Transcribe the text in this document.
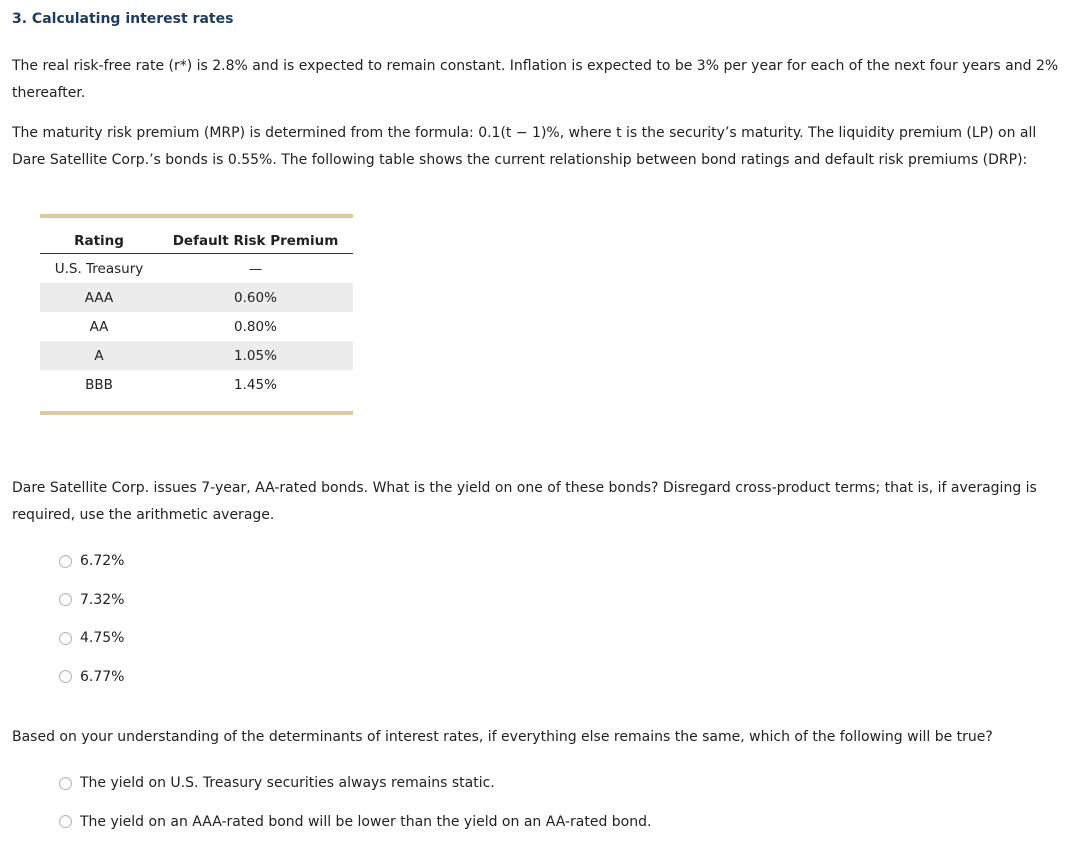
3. Calculating interest rates

The real risk-free rate (r*) is 2.8% and is expected to remain constant. Inflation is expected to be 3% per year for each of the next four years and 2% thereafter.

The maturity risk premium (MRP) is determined from the formula: 0.1(t − 1)%, where t is the security’s maturity. The liquidity premium (LP) on all Dare Satellite Corp.’s bonds is 0.55%. The following table shows the current relationship between bond ratings and default risk premiums (DRP):

Rating	Default Risk Premium
U.S. Treasury	—
AAA	0.60%
AA	0.80%
A	1.05%
BBB	1.45%

Dare Satellite Corp. issues 7-year, AA-rated bonds. What is the yield on one of these bonds? Disregard cross-product terms; that is, if averaging is required, use the arithmetic average.

6.72%
7.32%
4.75%
6.77%

Based on your understanding of the determinants of interest rates, if everything else remains the same, which of the following will be true?

The yield on U.S. Treasury securities always remains static.
The yield on an AAA-rated bond will be lower than the yield on an AA-rated bond.
